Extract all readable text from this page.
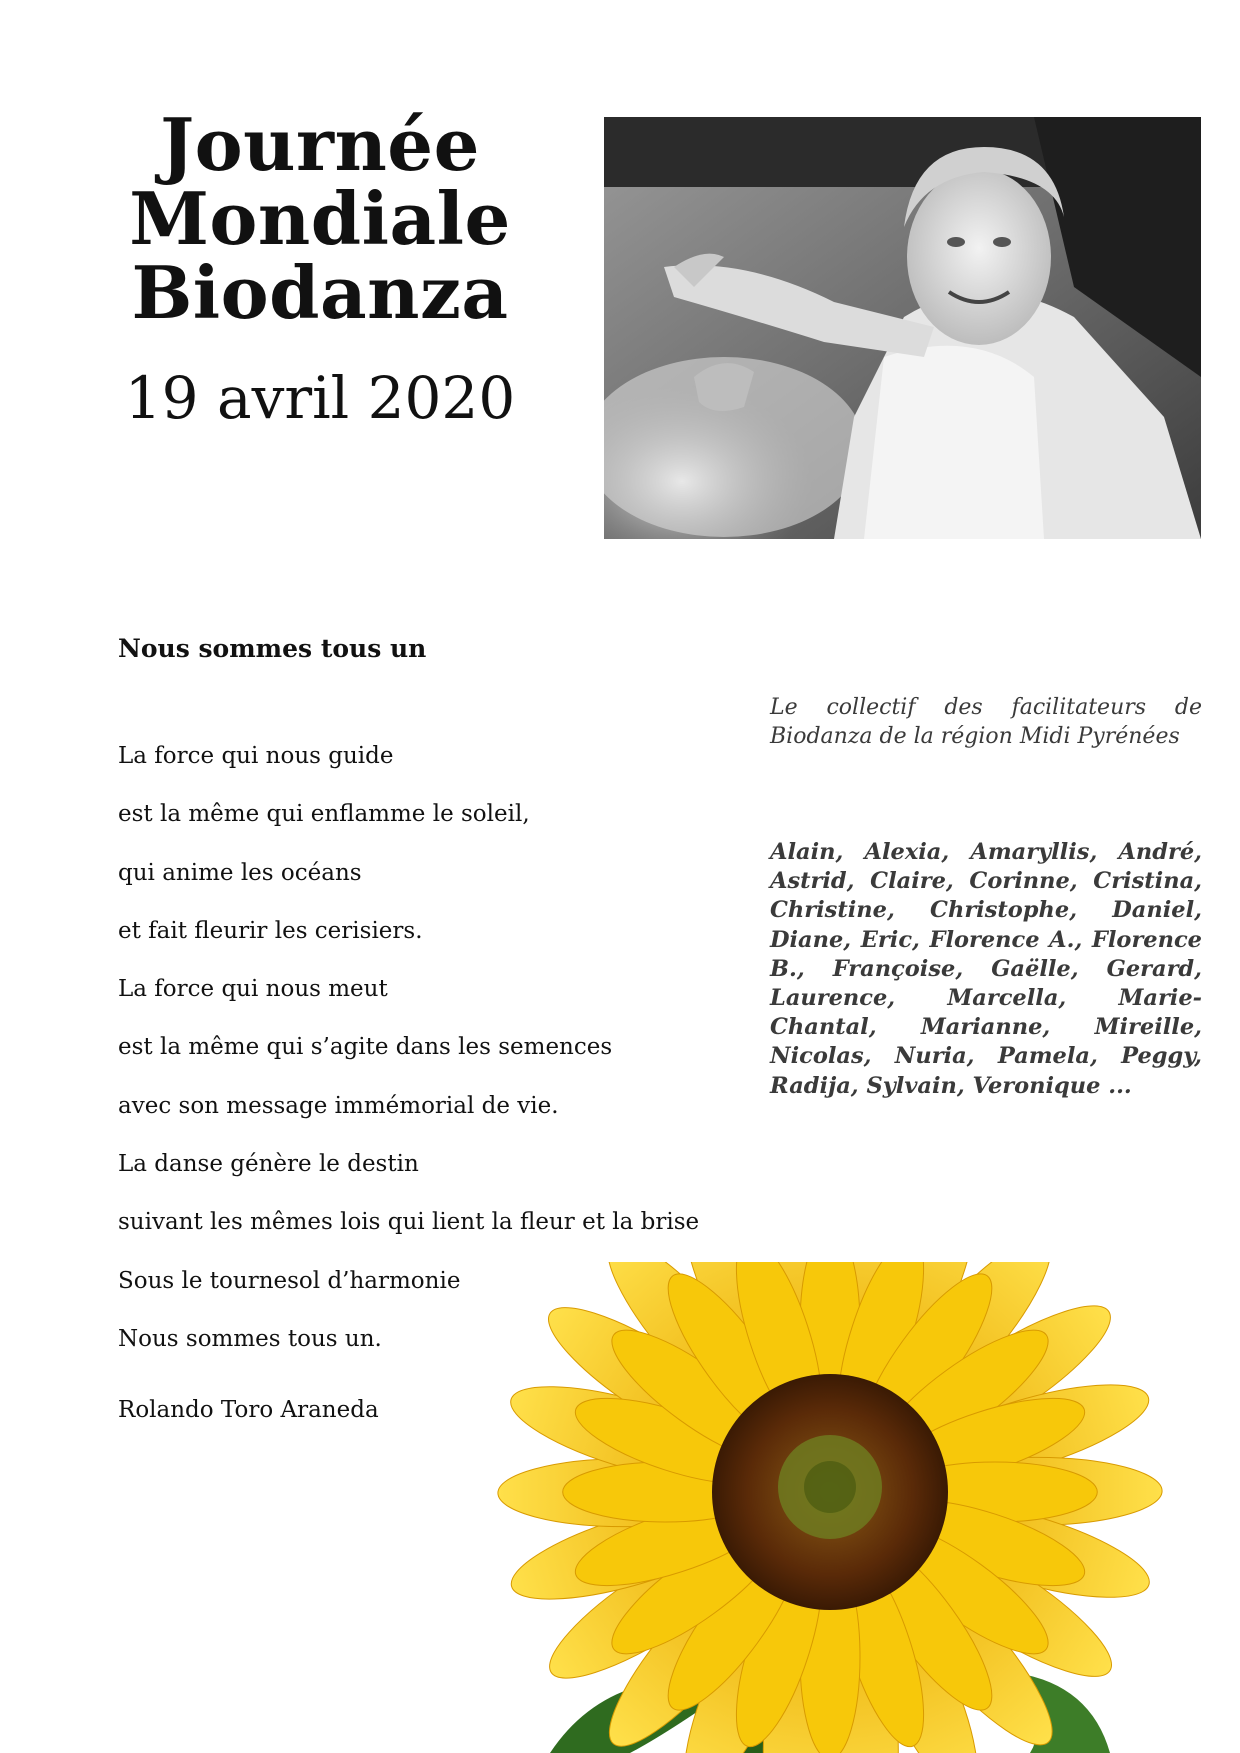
Journée
Mondiale
Biodanza
19 avril 2020
Nous sommes tous un
La force qui nous guide
est la même qui enflamme le soleil,
qui anime les océans
et fait fleurir les cerisiers.
La force qui nous meut
est la même qui s’agite dans les semences
avec son message immémorial de vie.
La danse génère le destin
suivant les mêmes lois qui lient la fleur et la brise
Sous le tournesol d’harmonie
Nous sommes tous un.
Rolando Toro Araneda
Le collectif des facilitateurs de Biodanza de la région Midi Pyrénées
Alain, Alexia, Amaryllis, André, Astrid, Claire, Corinne, Cristina, Christine, Christophe, Daniel, Diane, Eric, Florence A., Florence B., Françoise, Gaëlle, Gerard, Laurence, Marcella, Marie-Chantal, Marianne, Mireille, Nicolas, Nuria, Pamela, Peggy, Radija, Sylvain, Veronique ...
